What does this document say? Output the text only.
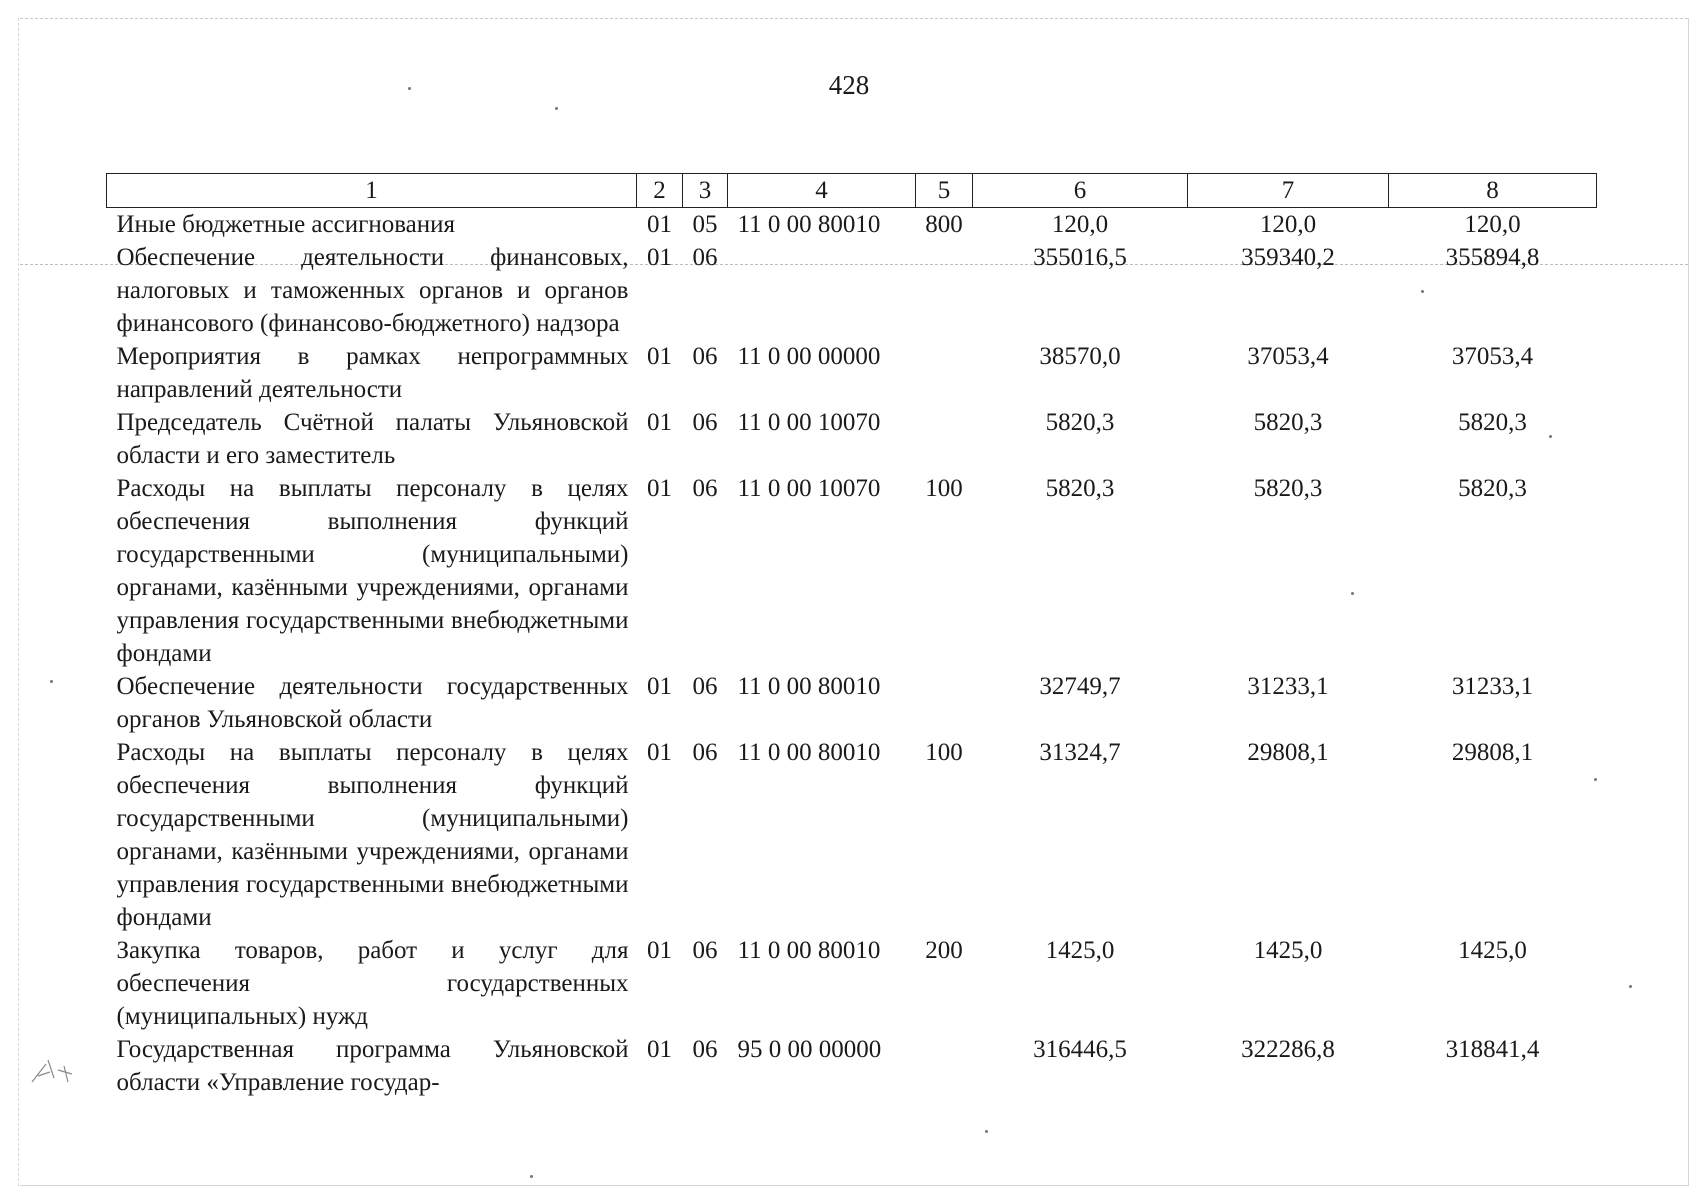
428
1	2	3	4	5	6	7	8
Иные бюджетные ассигнования	01	05	11 0 00 80010	800	120,0	120,0	120,0
Обеспечение деятельности финансовых, налоговых и таможенных органов и органов финансового (финансово-бюджетного) надзора	01	06			355016,5	359340,2	355894,8
Мероприятия в рамках непрограммных направлений деятельности	01	06	11 0 00 00000		38570,0	37053,4	37053,4
Председатель Счётной палаты Ульяновской области и его заместитель	01	06	11 0 00 10070		5820,3	5820,3	5820,3
Расходы на выплаты персоналу в целях обеспечения выполнения функций государственными (муниципальными) органами, казёнными учреждениями, органами управления государственными внебюджетными фондами	01	06	11 0 00 10070	100	5820,3	5820,3	5820,3
Обеспечение деятельности государственных органов Ульяновской области	01	06	11 0 00 80010		32749,7	31233,1	31233,1
Расходы на выплаты персоналу в целях обеспечения выполнения функций государственными (муниципальными) органами, казёнными учреждениями, органами управления государственными внебюджетными фондами	01	06	11 0 00 80010	100	31324,7	29808,1	29808,1
Закупка товаров, работ и услуг для обеспечения государственных (муниципальных) нужд	01	06	11 0 00 80010	200	1425,0	1425,0	1425,0
Государственная программа Ульяновской области «Управление государ-	01	06	95 0 00 00000		316446,5	322286,8	318841,4
